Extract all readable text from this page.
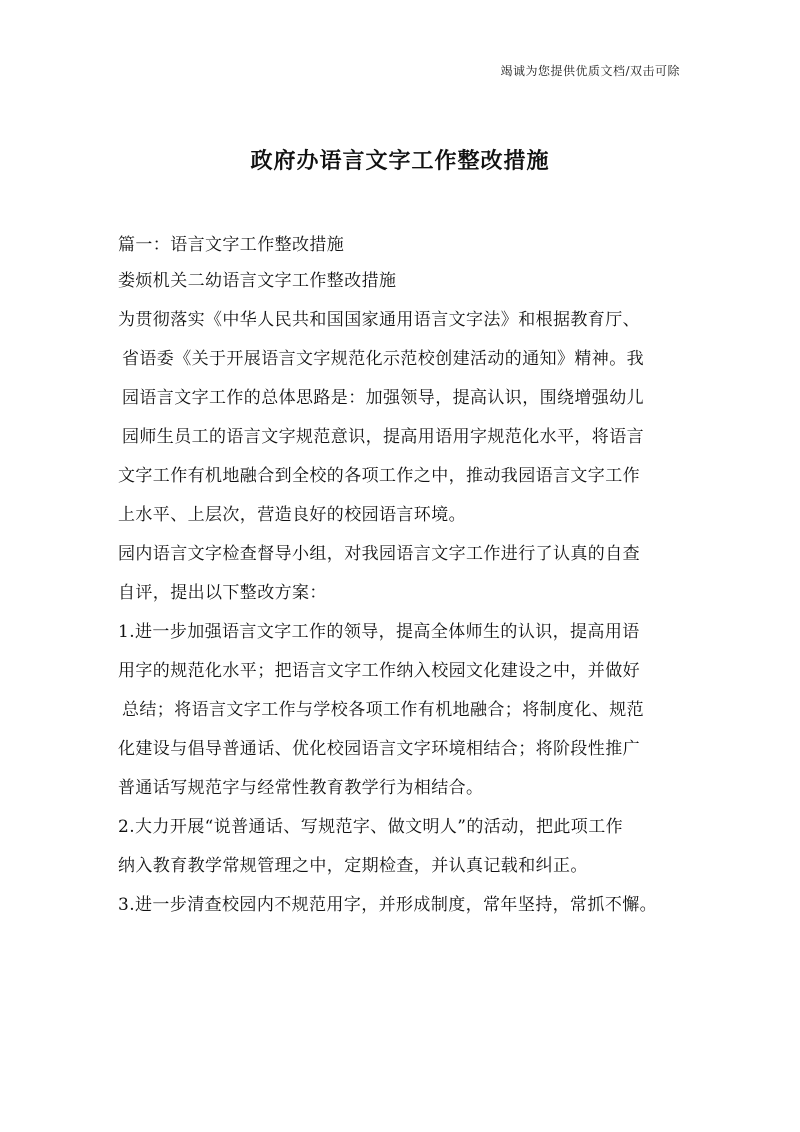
竭诚为您提供优质文档/双击可除
政府办语言文字工作整改措施
篇一：语言文字工作整改措施
娄烦机关二幼语言文字工作整改措施
为贯彻落实《中华人民共和国国家通用语言文字法》和根据教育厅、
省语委《关于开展语言文字规范化示范校创建活动的通知》精神。我
园语言文字工作的总体思路是：加强领导，提高认识，围绕增强幼儿
园师生员工的语言文字规范意识，提高用语用字规范化水平，将语言
文字工作有机地融合到全校的各项工作之中，推动我园语言文字工作
上水平、上层次，营造良好的校园语言环境。
园内语言文字检查督导小组，对我园语言文字工作进行了认真的自查
自评，提出以下整改方案：
1.进一步加强语言文字工作的领导，提高全体师生的认识，提高用语
用字的规范化水平；把语言文字工作纳入校园文化建设之中，并做好
总结；将语言文字工作与学校各项工作有机地融合；将制度化、规范
化建设与倡导普通话、优化校园语言文字环境相结合；将阶段性推广
普通话写规范字与经常性教育教学行为相结合。
2.大力开展“说普通话、写规范字、做文明人”的活动，把此项工作
纳入教育教学常规管理之中，定期检查，并认真记载和纠正。
3.进一步清查校园内不规范用字，并形成制度，常年坚持，常抓不懈。
